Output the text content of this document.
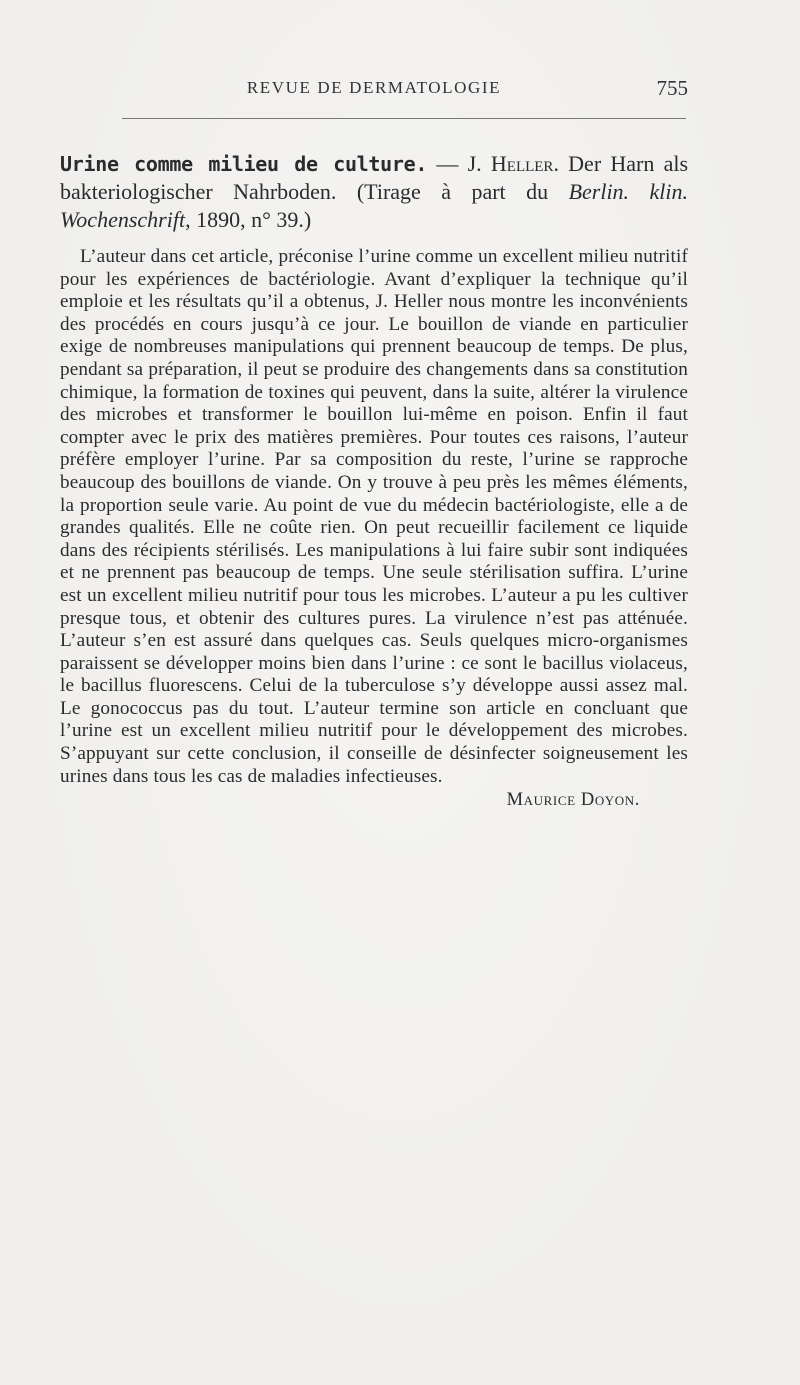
REVUE DE DERMATOLOGIE	755

Urine comme milieu de culture. — J. Heller. Der Harn als bakteriologischer Nahrboden. (Tirage à part du Berlin. klin. Wochenschrift, 1890, n° 39.)

L’auteur dans cet article, préconise l’urine comme un excellent milieu nutritif pour les expériences de bactériologie. Avant d’expliquer la technique qu’il emploie et les résultats qu’il a obtenus, J. Heller nous montre les inconvénients des procédés en cours jusqu’à ce jour. Le bouillon de viande en particulier exige de nombreuses manipulations qui prennent beaucoup de temps. De plus, pendant sa préparation, il peut se produire des changements dans sa constitution chimique, la formation de toxines qui peuvent, dans la suite, altérer la virulence des microbes et transformer le bouillon lui-même en poison. Enfin il faut compter avec le prix des matières premières. Pour toutes ces raisons, l’auteur préfère employer l’urine. Par sa composition du reste, l’urine se rapproche beaucoup des bouillons de viande. On y trouve à peu près les mêmes éléments, la proportion seule varie. Au point de vue du médecin bactériologiste, elle a de grandes qualités. Elle ne coûte rien. On peut recueillir facilement ce liquide dans des récipients stérilisés. Les manipulations à lui faire subir sont indiquées et ne prennent pas beaucoup de temps. Une seule stérilisation suffira. L’urine est un excellent milieu nutritif pour tous les microbes. L’auteur a pu les cultiver presque tous, et obtenir des cultures pures. La virulence n’est pas atténuée. L’auteur s’en est assuré dans quelques cas. Seuls quelques micro-organismes paraissent se développer moins bien dans l’urine : ce sont le bacillus violaceus, le bacillus fluorescens. Celui de la tuberculose s’y développe aussi assez mal. Le gonococcus pas du tout. L’auteur termine son article en concluant que l’urine est un excellent milieu nutritif pour le développement des microbes. S’appuyant sur cette conclusion, il conseille de désinfecter soigneusement les urines dans tous les cas de maladies infectieuses.

Maurice Doyon.
